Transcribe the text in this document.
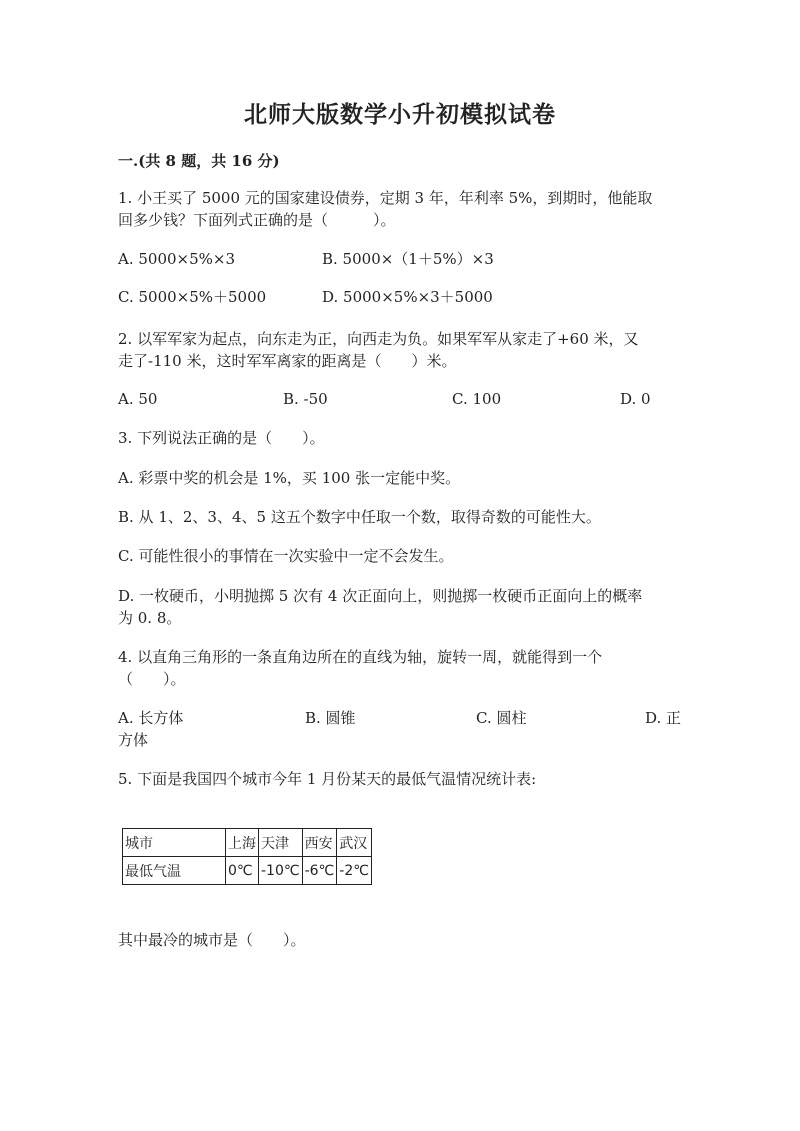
北师大版数学小升初模拟试卷
一.(共 8 题，共 16 分)
1. 小王买了 5000 元的国家建设债券，定期 3 年，年利率 5%，到期时，他能取
回多少钱？下面列式正确的是（　　　）。
A. 5000×5%×3	B. 5000×（1＋5%）×3
C. 5000×5%＋5000	D. 5000×5%×3＋5000
2. 以军军家为起点，向东走为正，向西走为负。如果军军从家走了+60 米，又
走了-110 米，这时军军离家的距离是（　　）米。
A. 50	B. -50	C. 100	D. 0
3. 下列说法正确的是（　　）。
A. 彩票中奖的机会是 1%，买 100 张一定能中奖。
B. 从 1、2、3、4、5 这五个数字中任取一个数，取得奇数的可能性大。
C. 可能性很小的事情在一次实验中一定不会发生。
D. 一枚硬币，小明抛掷 5 次有 4 次正面向上，则抛掷一枚硬币正面向上的概率
为 0. 8。
4. 以直角三角形的一条直角边所在的直线为轴，旋转一周，就能得到一个
（　　）。
A. 长方体	B. 圆锥	C. 圆柱	D. 正
方体
5. 下面是我国四个城市今年 1 月份某天的最低气温情况统计表:
城市	上海	天津	西安	武汉
最低气温	0℃	-10℃	-6℃	-2℃
其中最冷的城市是（　　）。
